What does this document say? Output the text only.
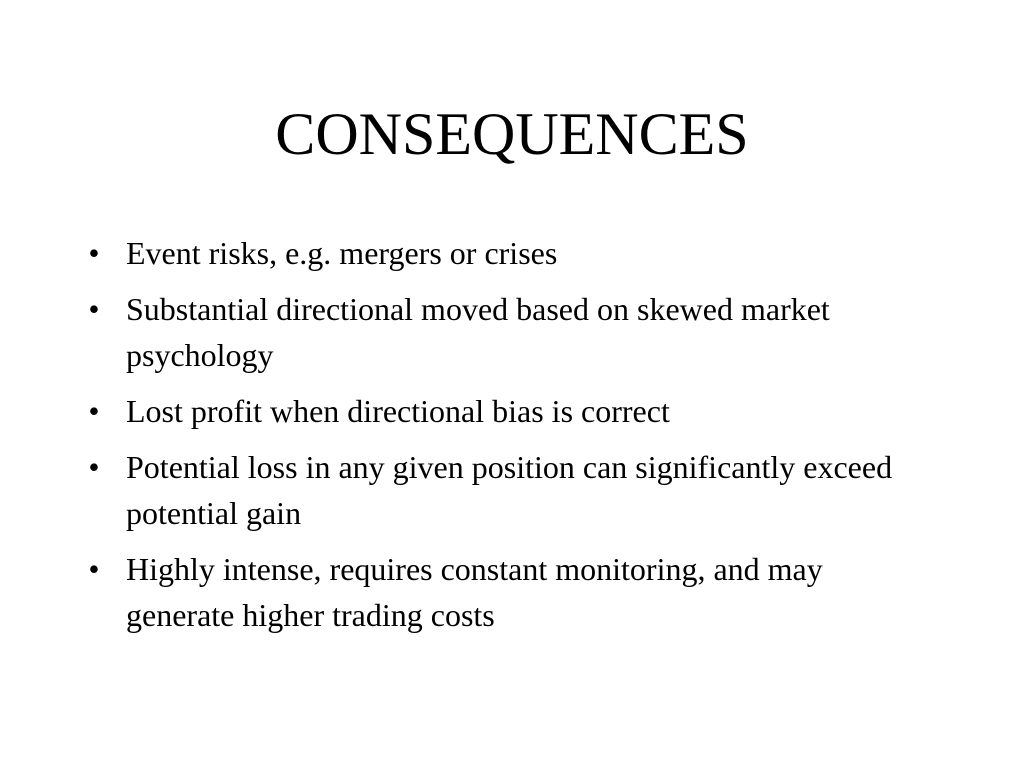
CONSEQUENCES
• Event risks, e.g. mergers or crises
• Substantial directional moved based on skewed market psychology
• Lost profit when directional bias is correct
• Potential loss in any given position can significantly exceed potential gain
• Highly intense, requires constant monitoring, and may generate higher trading costs
